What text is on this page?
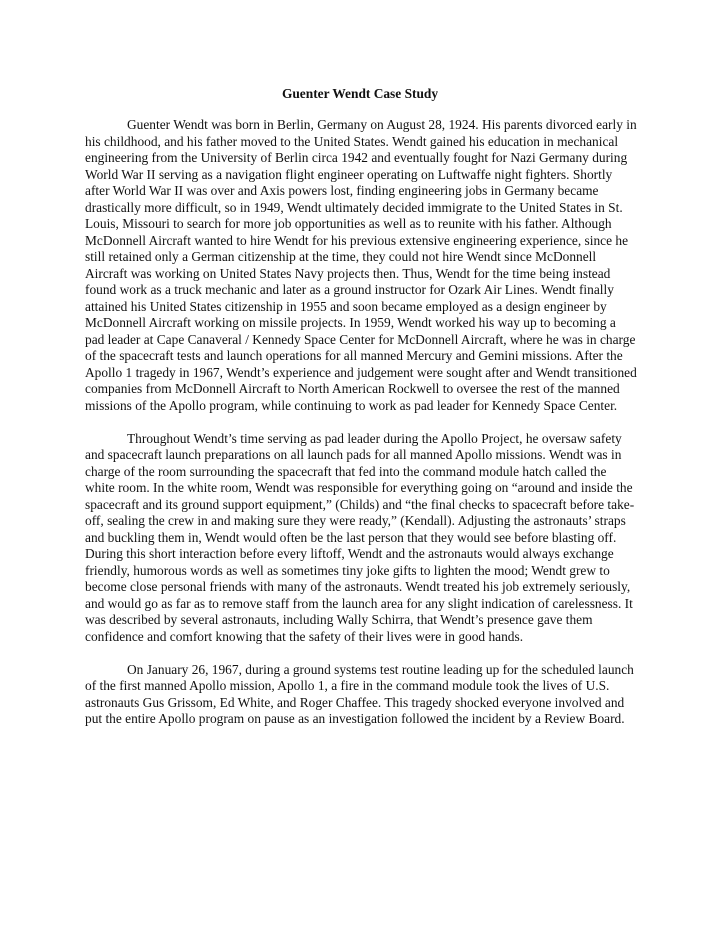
Guenter Wendt Case Study

Guenter Wendt was born in Berlin, Germany on August 28, 1924. His parents divorced early in his childhood, and his father moved to the United States. Wendt gained his education in mechanical engineering from the University of Berlin circa 1942 and eventually fought for Nazi Germany during World War II serving as a navigation flight engineer operating on Luftwaffe night fighters. Shortly after World War II was over and Axis powers lost, finding engineering jobs in Germany became drastically more difficult, so in 1949, Wendt ultimately decided immigrate to the United States in St. Louis, Missouri to search for more job opportunities as well as to reunite with his father. Although McDonnell Aircraft wanted to hire Wendt for his previous extensive engineering experience, since he still retained only a German citizenship at the time, they could not hire Wendt since McDonnell Aircraft was working on United States Navy projects then. Thus, Wendt for the time being instead found work as a truck mechanic and later as a ground instructor for Ozark Air Lines. Wendt finally attained his United States citizenship in 1955 and soon became employed as a design engineer by McDonnell Aircraft working on missile projects. In 1959, Wendt worked his way up to becoming a pad leader at Cape Canaveral / Kennedy Space Center for McDonnell Aircraft, where he was in charge of the spacecraft tests and launch operations for all manned Mercury and Gemini missions. After the Apollo 1 tragedy in 1967, Wendt’s experience and judgement were sought after and Wendt transitioned companies from McDonnell Aircraft to North American Rockwell to oversee the rest of the manned missions of the Apollo program, while continuing to work as pad leader for Kennedy Space Center.

Throughout Wendt’s time serving as pad leader during the Apollo Project, he oversaw safety and spacecraft launch preparations on all launch pads for all manned Apollo missions. Wendt was in charge of the room surrounding the spacecraft that fed into the command module hatch called the white room. In the white room, Wendt was responsible for everything going on “around and inside the spacecraft and its ground support equipment,” (Childs) and “the final checks to spacecraft before take-off, sealing the crew in and making sure they were ready,” (Kendall). Adjusting the astronauts’ straps and buckling them in, Wendt would often be the last person that they would see before blasting off. During this short interaction before every liftoff, Wendt and the astronauts would always exchange friendly, humorous words as well as sometimes tiny joke gifts to lighten the mood; Wendt grew to become close personal friends with many of the astronauts. Wendt treated his job extremely seriously, and would go as far as to remove staff from the launch area for any slight indication of carelessness. It was described by several astronauts, including Wally Schirra, that Wendt’s presence gave them confidence and comfort knowing that the safety of their lives were in good hands.

On January 26, 1967, during a ground systems test routine leading up for the scheduled launch of the first manned Apollo mission, Apollo 1, a fire in the command module took the lives of U.S. astronauts Gus Grissom, Ed White, and Roger Chaffee. This tragedy shocked everyone involved and put the entire Apollo program on pause as an investigation followed the incident by a Review Board.
